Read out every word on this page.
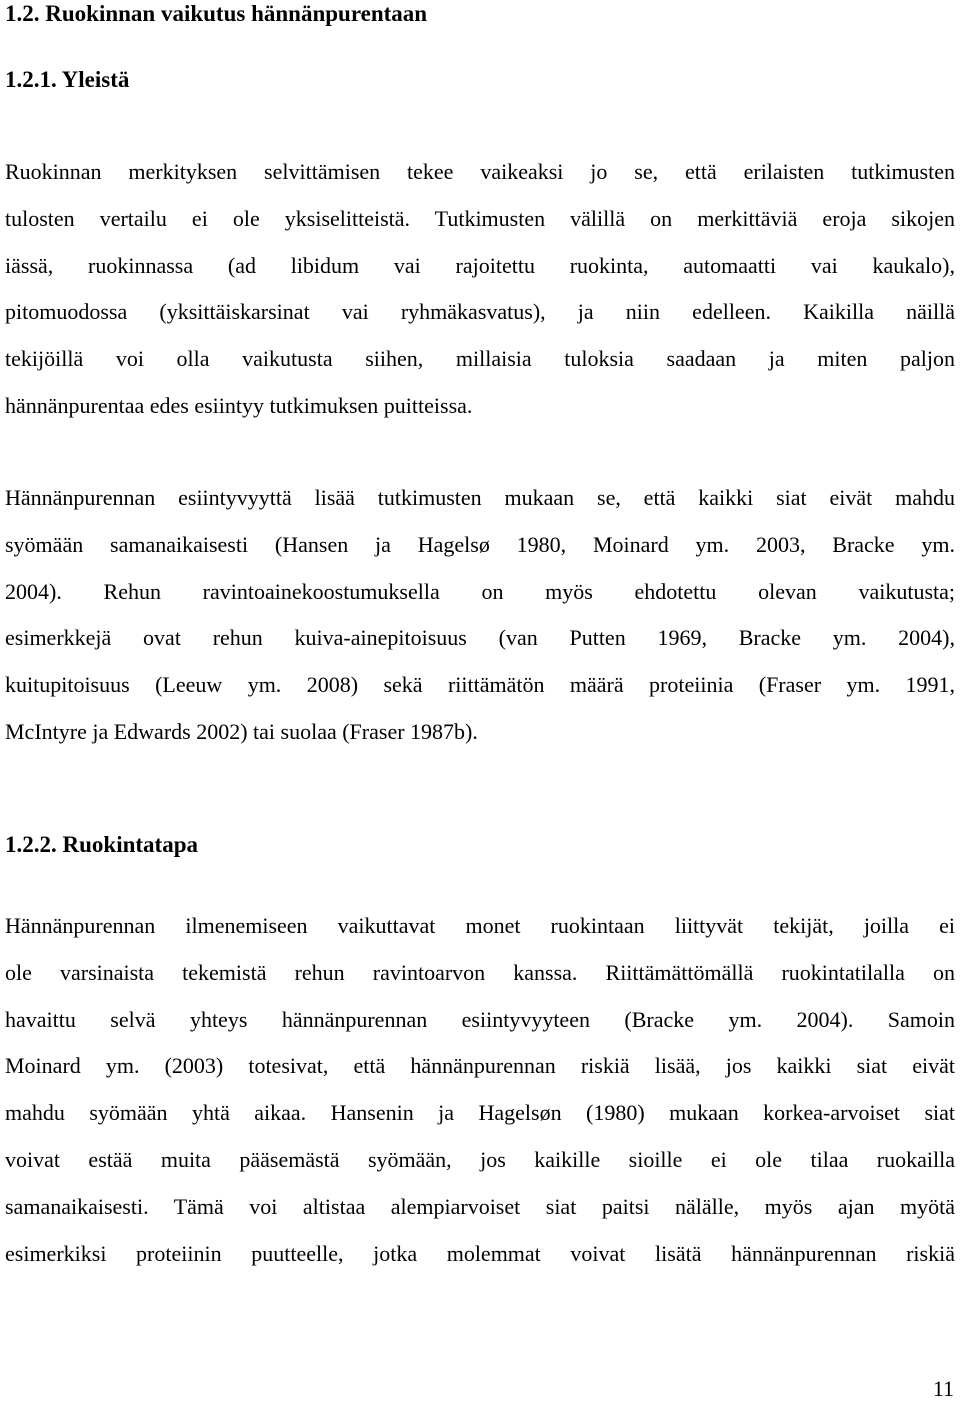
1.2. Ruokinnan vaikutus hännänpurentaan
1.2.1. Yleistä
Ruokinnan merkityksen selvittämisen tekee vaikeaksi jo se, että erilaisten tutkimusten
tulosten vertailu ei ole yksiselitteistä. Tutkimusten välillä on merkittäviä eroja sikojen
iässä, ruokinnassa (ad libidum vai rajoitettu ruokinta, automaatti vai kaukalo),
pitomuodossa (yksittäiskarsinat vai ryhmäkasvatus), ja niin edelleen. Kaikilla näillä
tekijöillä voi olla vaikutusta siihen, millaisia tuloksia saadaan ja miten paljon
hännänpurentaa edes esiintyy tutkimuksen puitteissa.
Hännänpurennan esiintyvyyttä lisää tutkimusten mukaan se, että kaikki siat eivät mahdu
syömään samanaikaisesti (Hansen ja Hagelsø 1980, Moinard ym. 2003, Bracke ym.
2004). Rehun ravintoainekoostumuksella on myös ehdotettu olevan vaikutusta;
esimerkkejä ovat rehun kuiva-ainepitoisuus (van Putten 1969, Bracke ym. 2004),
kuitupitoisuus (Leeuw ym. 2008) sekä riittämätön määrä proteiinia (Fraser ym. 1991,
McIntyre ja Edwards 2002) tai suolaa (Fraser 1987b).
1.2.2. Ruokintatapa
Hännänpurennan ilmenemiseen vaikuttavat monet ruokintaan liittyvät tekijät, joilla ei
ole varsinaista tekemistä rehun ravintoarvon kanssa. Riittämättömällä ruokintatilalla on
havaittu selvä yhteys hännänpurennan esiintyvyyteen (Bracke ym. 2004). Samoin
Moinard ym. (2003) totesivat, että hännänpurennan riskiä lisää, jos kaikki siat eivät
mahdu syömään yhtä aikaa. Hansenin ja Hagelsøn (1980) mukaan korkea-arvoiset siat
voivat estää muita pääsemästä syömään, jos kaikille sioille ei ole tilaa ruokailla
samanaikaisesti. Tämä voi altistaa alempiarvoiset siat paitsi nälälle, myös ajan myötä
esimerkiksi proteiinin puutteelle, jotka molemmat voivat lisätä hännänpurennan riskiä
11
